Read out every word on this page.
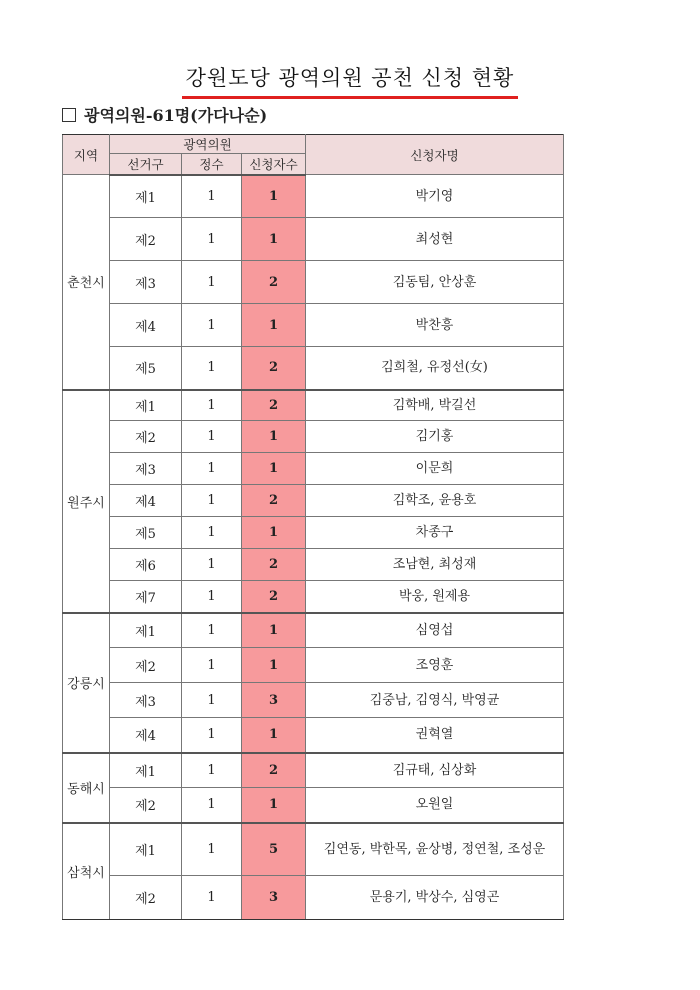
강원도당 광역의원 공천 신청 현황
광역의원-61명(가다나순)
지역	광역의원			신청자명
	선거구	정수	신청자수	
춘천시	제1	1	1	박기영
	제2	1	1	최성현
	제3	1	2	김동팀, 안상훈
	제4	1	1	박찬흥
	제5	1	2	김희철, 유정선(女)
원주시	제1	1	2	김학배, 박길선
	제2	1	1	김기홍
	제3	1	1	이문희
	제4	1	2	김학조, 윤용호
	제5	1	1	차종구
	제6	1	2	조남현, 최성재
	제7	1	2	박웅, 원제용
강릉시	제1	1	1	심영섭
	제2	1	1	조영훈
	제3	1	3	김중남, 김영식, 박영균
	제4	1	1	권혁열
동해시	제1	1	2	김규태, 심상화
	제2	1	1	오원일
삼척시	제1	1	5	김연동, 박한목, 윤상병, 정연철, 조성운
	제2	1	3	문용기, 박상수, 심영곤
